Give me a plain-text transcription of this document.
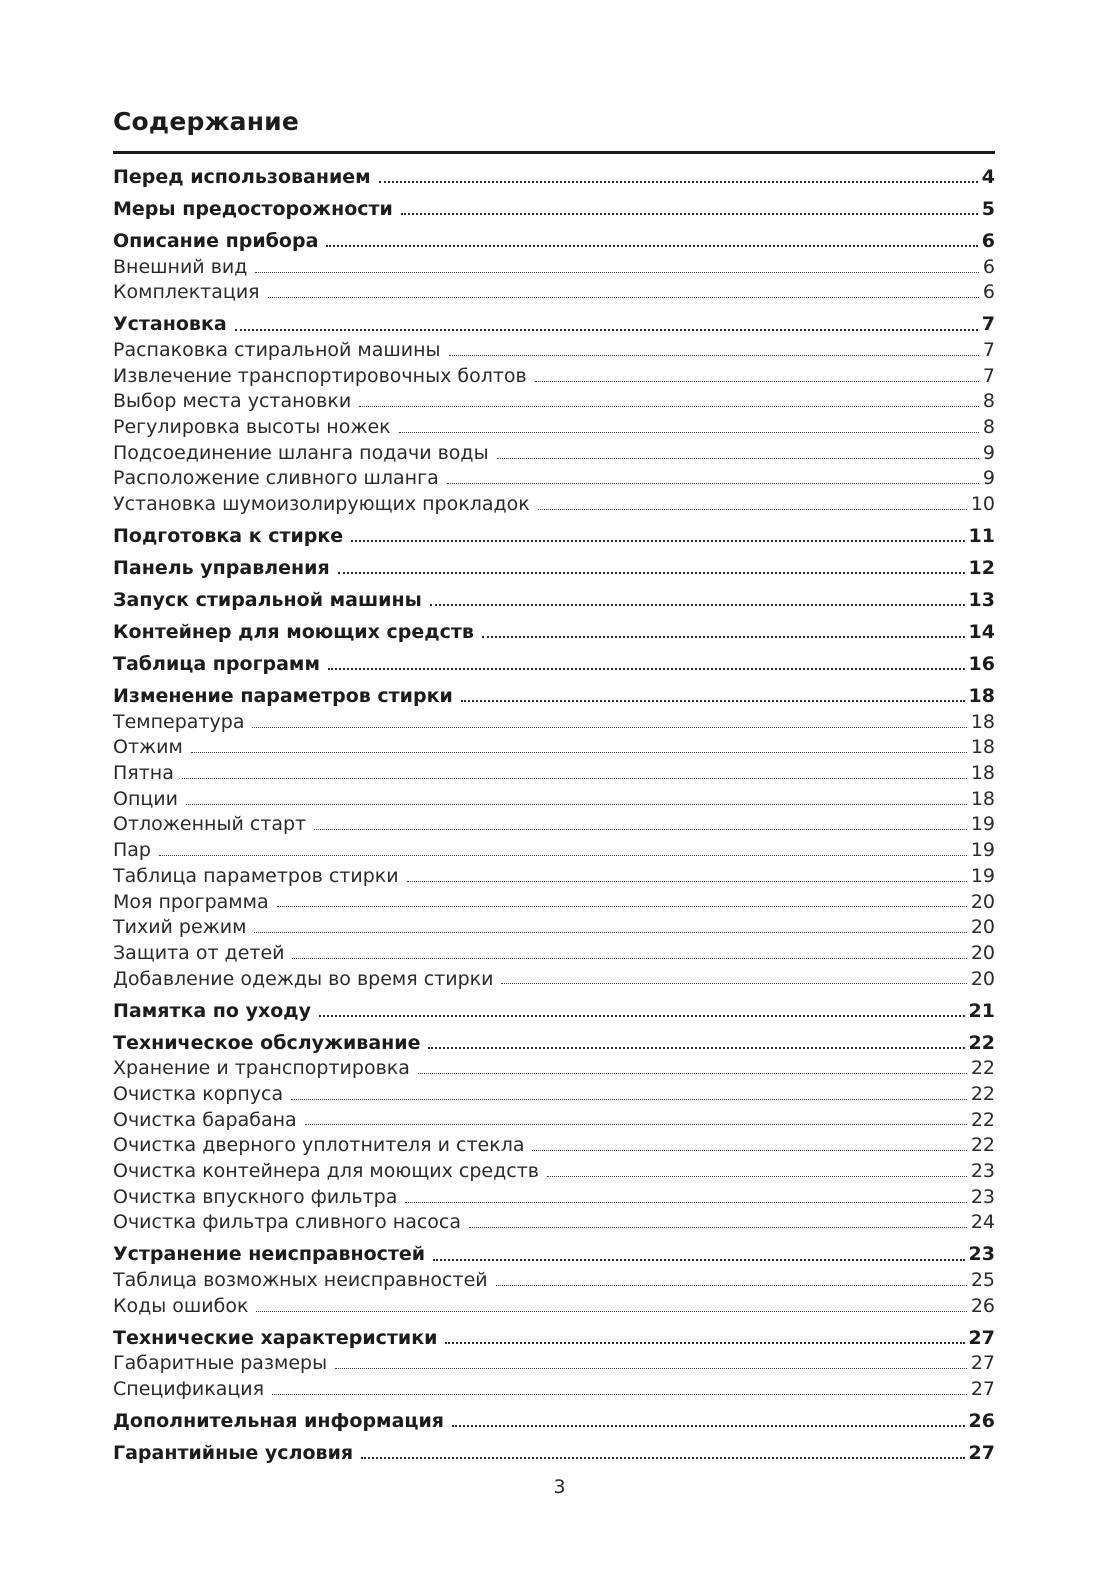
Содержание
Перед использованием	4
Меры предосторожности	5
Описание прибора	6
Внешний вид	6
Комплектация	6
Установка	7
Распаковка стиральной машины	7
Извлечение транспортировочных болтов	7
Выбор места установки	8
Регулировка высоты ножек	8
Подсоединение шланга подачи воды	9
Расположение сливного шланга	9
Установка шумоизолирующих прокладок	10
Подготовка к стирке	11
Панель управления	12
Запуск стиральной машины	13
Контейнер для моющих средств	14
Таблица программ	16
Изменение параметров стирки	18
Температура	18
Отжим	18
Пятна	18
Опции	18
Отложенный старт	19
Пар	19
Таблица параметров стирки	19
Моя программа	20
Тихий режим	20
Защита от детей	20
Добавление одежды во время стирки	20
Памятка по уходу	21
Техническое обслуживание	22
Хранение и транспортировка	22
Очистка корпуса	22
Очистка барабана	22
Очистка дверного уплотнителя и стекла	22
Очистка контейнера для моющих средств	23
Очистка впускного фильтра	23
Очистка фильтра сливного насоса	24
Устранение неисправностей	23
Таблица возможных неисправностей	25
Коды ошибок	26
Технические характеристики	27
Габаритные размеры	27
Спецификация	27
Дополнительная информация	26
Гарантийные условия	27
3
